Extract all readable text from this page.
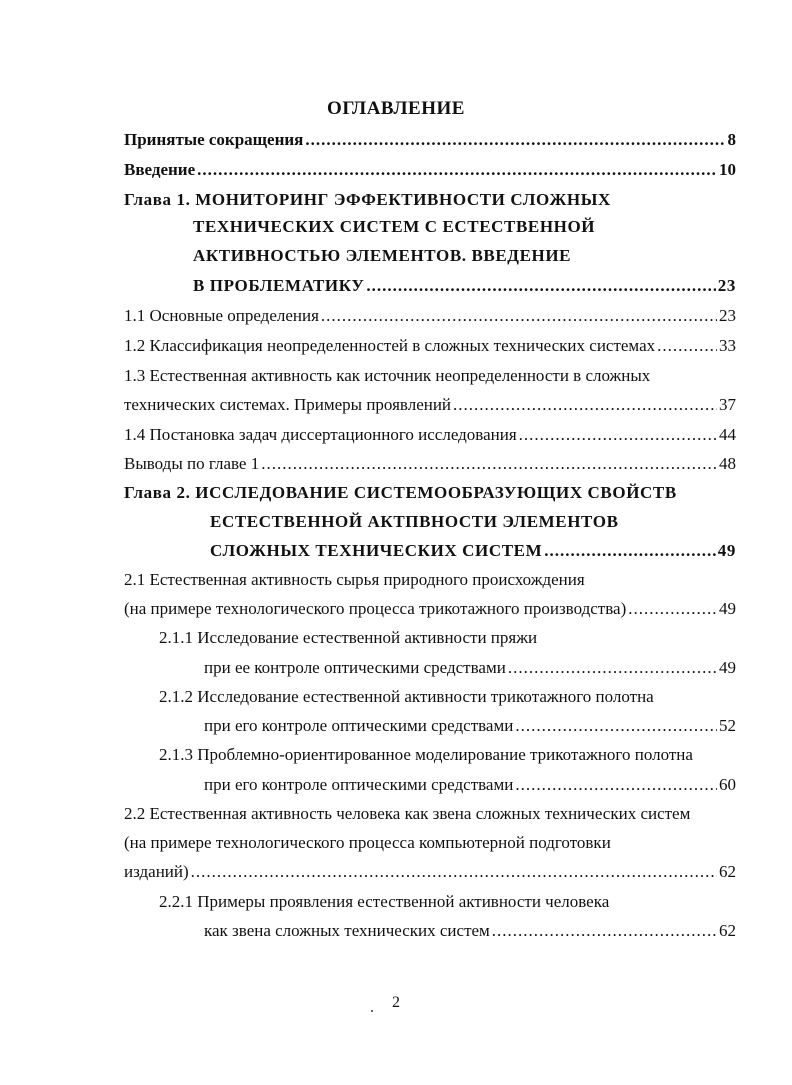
ОГЛАВЛЕНИЕ
Принятые сокращения .....	8
Введение .....	10
Глава 1. МОНИТОРИНГ ЭФФЕКТИВНОСТИ СЛОЖНЫХ
ТЕХНИЧЕСКИХ СИСТЕМ С ЕСТЕСТВЕННОЙ
АКТИВНОСТЬЮ ЭЛЕМЕНТОВ. ВВЕДЕНИЕ
В ПРОБЛЕМАТИКУ .....	23
1.1 Основные определения .....	23
1.2 Классификация неопределенностей в сложных технических системах .....	33
1.3 Естественная активность как источник неопределенности в сложных
технических системах. Примеры проявлений .....	37
1.4 Постановка задач диссертационного исследования .....	44
Выводы по главе 1 .....	48
Глава 2. ИССЛЕДОВАНИЕ СИСТЕМООБРАЗУЮЩИХ СВОЙСТВ
ЕСТЕСТВЕННОЙ АКТПВНОСТИ ЭЛЕМЕНТОВ
СЛОЖНЫХ ТЕХНИЧЕСКИХ СИСТЕМ .....	49
2.1 Естественная активность сырья природного происхождения
(на примере технологического процесса трикотажного производства) .....	49
2.1.1 Исследование естественной активности пряжи
при ее контроле оптическими средствами .....	49
2.1.2 Исследование естественной активности трикотажного полотна
при его контроле оптическими средствами .....	52
2.1.3 Проблемно-ориентированное моделирование трикотажного полотна
при его контроле оптическими средствами .....	60
2.2 Естественная активность человека как звена сложных технических систем
(на примере технологического процесса компьютерной подготовки
изданий) .....	62
2.2.1 Примеры проявления естественной активности человека
как звена сложных технических систем .....	62
2
